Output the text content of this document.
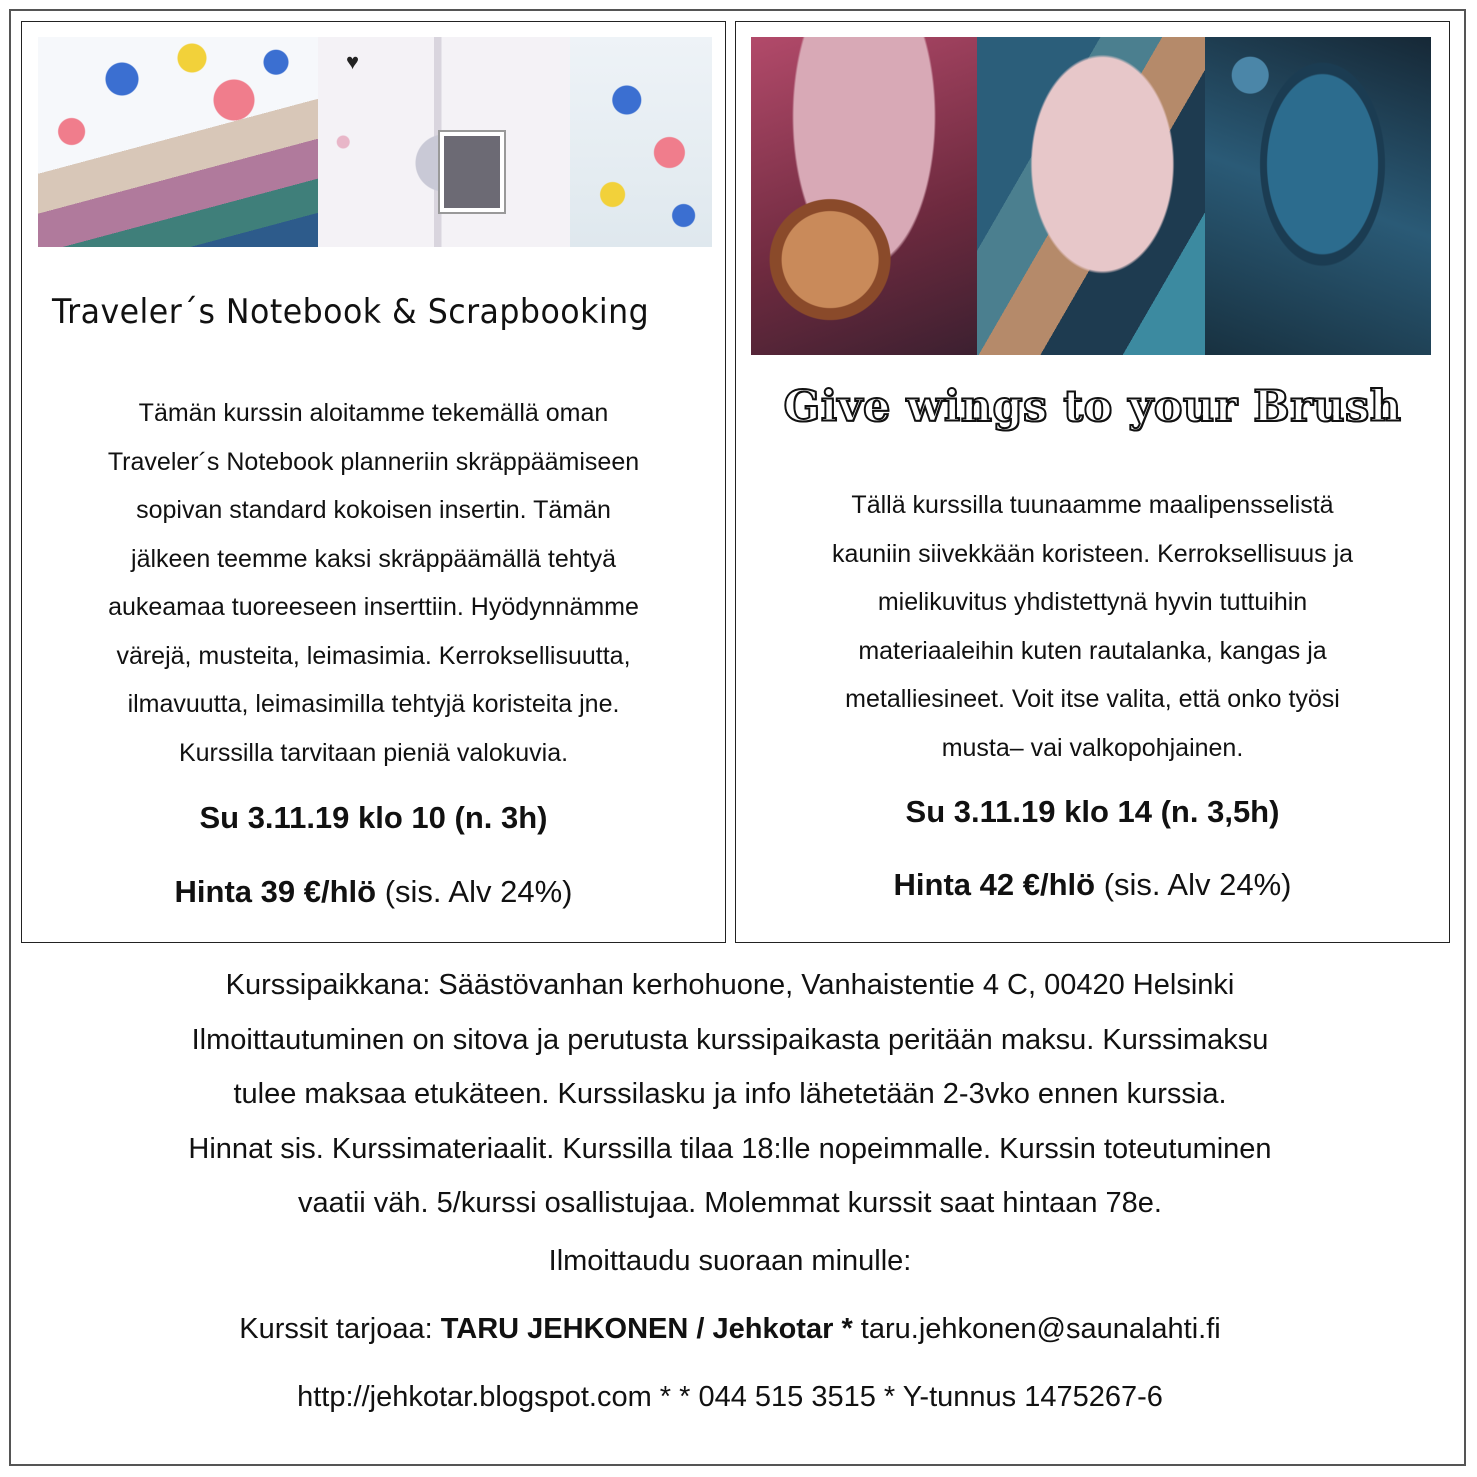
♥
Traveler´s Notebook & Scrapbooking
Tämän kurssin aloitamme tekemällä oman
Traveler´s Notebook planneriin skräppäämiseen
sopivan standard kokoisen insertin. Tämän
jälkeen teemme kaksi skräppäämällä tehtyä
aukeamaa tuoreeseen inserttiin. Hyödynnämme
värejä, musteita, leimasimia. Kerroksellisuutta,
ilmavuutta, leimasimilla tehtyjä koristeita jne.
Kurssilla tarvitaan pieniä valokuvia.
Su 3.11.19 klo 10 (n. 3h)
Hinta 39 €/hlö (sis. Alv 24%)
Give wings to your Brush
Tällä kurssilla tuunaamme maalipensselistä
kauniin siivekkään koristeen. Kerroksellisuus ja
mielikuvitus yhdistettynä hyvin tuttuihin
materiaaleihin kuten rautalanka, kangas ja
metalliesineet. Voit itse valita, että onko työsi
musta– vai valkopohjainen.
Su 3.11.19 klo 14 (n. 3,5h)
Hinta 42 €/hlö (sis. Alv 24%)
Kurssipaikkana: Säästövanhan kerhohuone, Vanhaistentie 4 C, 00420 Helsinki
Ilmoittautuminen on sitova ja perutusta kurssipaikasta peritään maksu. Kurssimaksu
tulee maksaa etukäteen. Kurssilasku ja info lähetetään 2-3vko ennen kurssia.
Hinnat sis. Kurssimateriaalit. Kurssilla tilaa 18:lle nopeimmalle. Kurssin toteutuminen
vaatii väh. 5/kurssi osallistujaa. Molemmat kurssit saat hintaan 78e.
Ilmoittaudu suoraan minulle:
Kurssit tarjoaa: TARU JEHKONEN / Jehkotar * taru.jehkonen@saunalahti.fi
http://jehkotar.blogspot.com * * 044 515 3515 * Y-tunnus 1475267-6
